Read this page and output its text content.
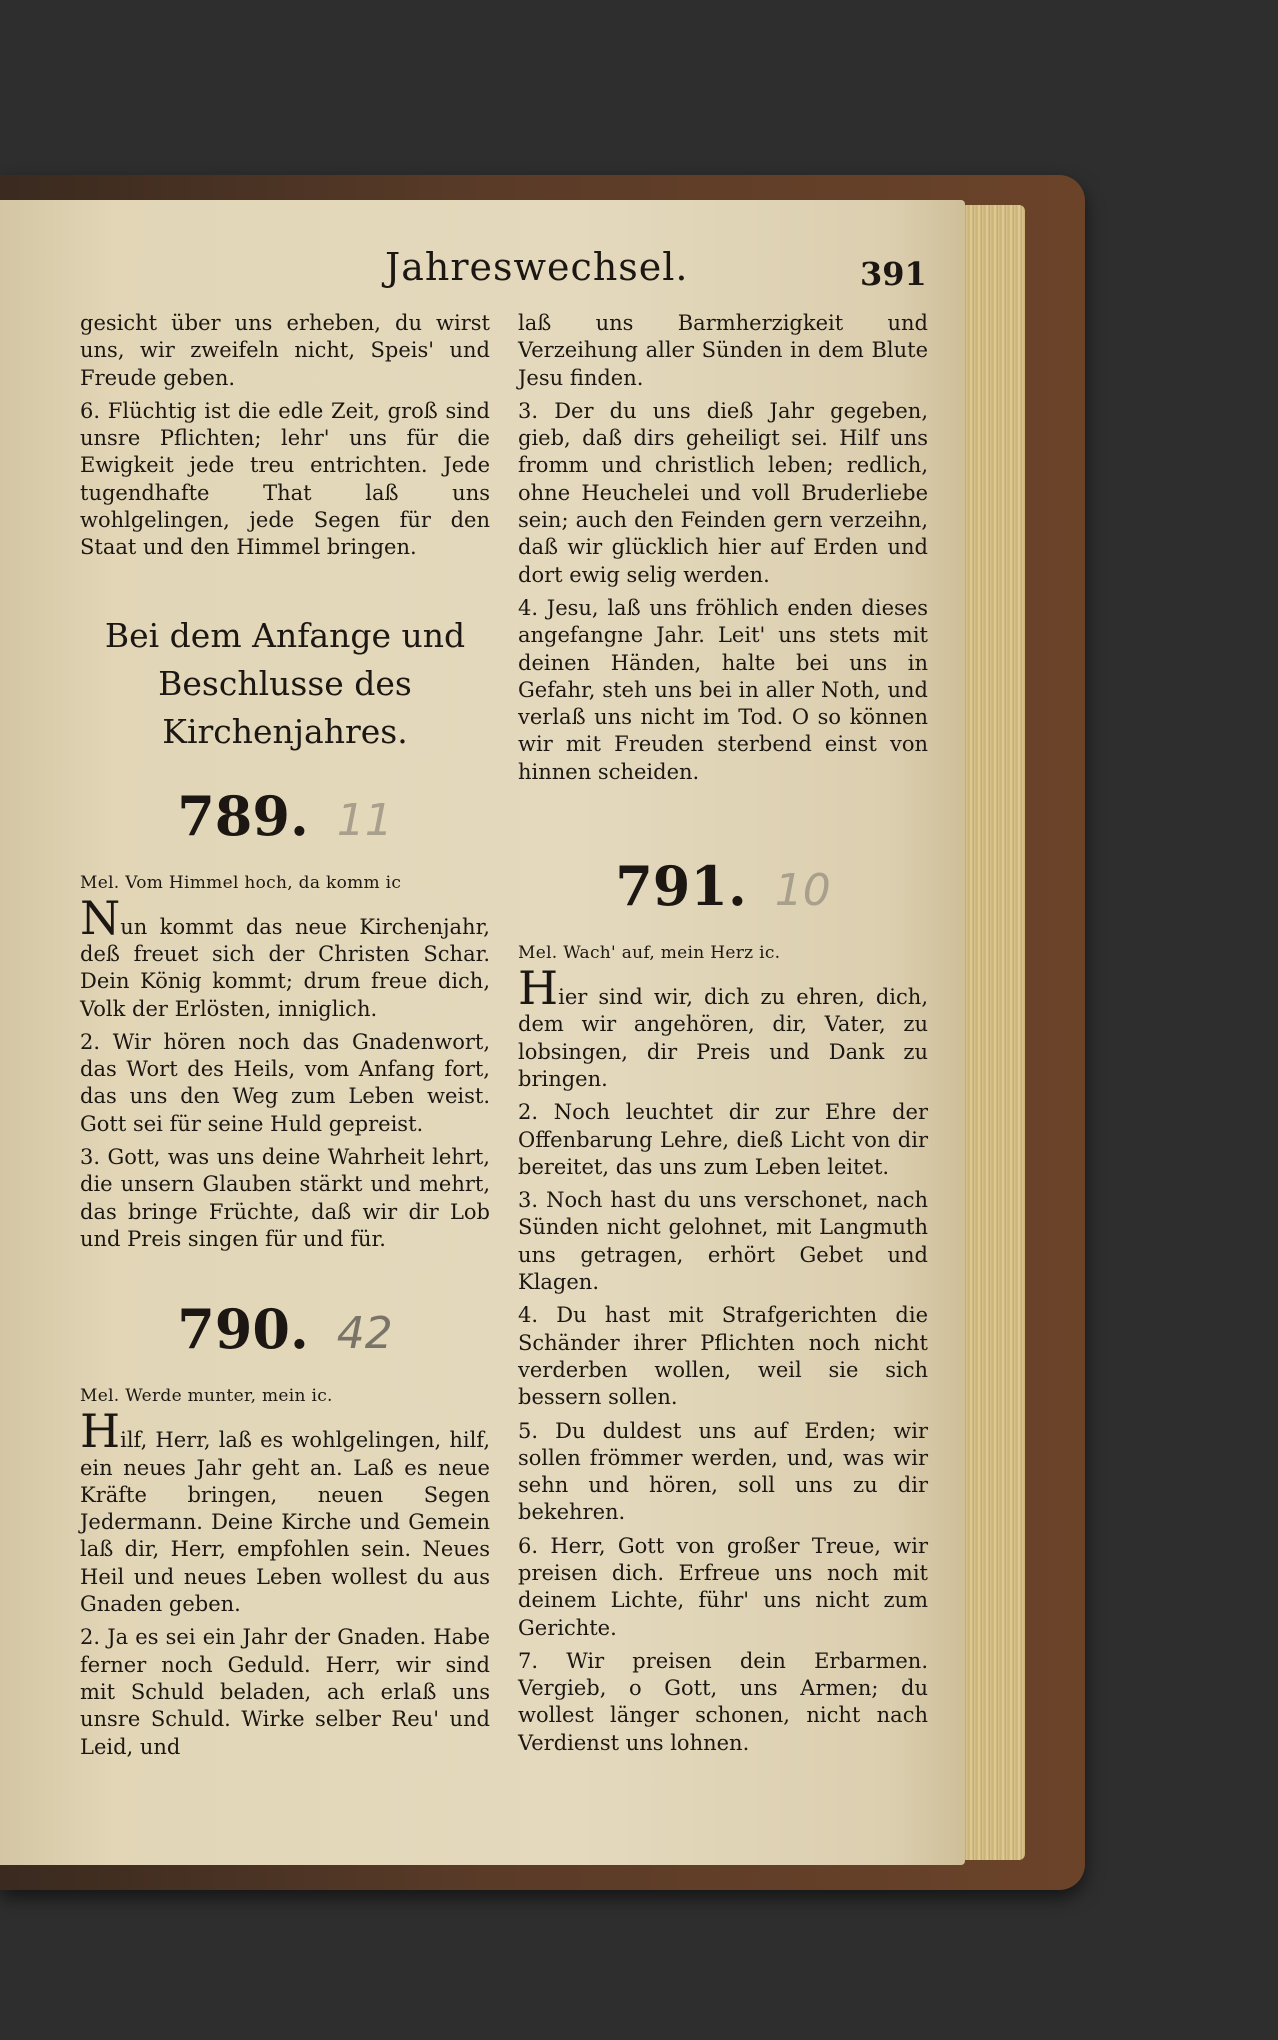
Jahreswechsel.	391

gesicht über uns erheben, du wirst uns, wir zweifeln nicht, Speis' und Freude geben.

6. Flüchtig ist die edle Zeit, groß sind unsre Pflichten; lehr' uns für die Ewigkeit jede treu entrichten. Jede tugendhafte That laß uns wohlgelingen, jede Segen für den Staat und den Himmel bringen.

Bei dem Anfange und Beschlusse des Kirchenjahres.
789. 11
Mel. Vom Himmel hoch, da komm ic

Nun kommt das neue Kirchenjahr, deß freuet sich der Christen Schar. Dein König kommt; drum freue dich, Volk der Erlösten, inniglich.

2. Wir hören noch das Gnadenwort, das Wort des Heils, vom Anfang fort, das uns den Weg zum Leben weist. Gott sei für seine Huld gepreist.

3. Gott, was uns deine Wahrheit lehrt, die unsern Glauben stärkt und mehrt, das bringe Früchte, daß wir dir Lob und Preis singen für und für.

790. 42
Mel. Werde munter, mein ic.

Hilf, Herr, laß es wohlgelingen, hilf, ein neues Jahr geht an. Laß es neue Kräfte bringen, neuen Segen Jedermann. Deine Kirche und Gemein laß dir, Herr, empfohlen sein. Neues Heil und neues Leben wollest du aus Gnaden geben.

2. Ja es sei ein Jahr der Gnaden. Habe ferner noch Geduld. Herr, wir sind mit Schuld beladen, ach erlaß uns unsre Schuld. Wirke selber Reu' und Leid, und

laß uns Barmherzigkeit und Verzeihung aller Sünden in dem Blute Jesu finden.

3. Der du uns dieß Jahr gegeben, gieb, daß dirs geheiligt sei. Hilf uns fromm und christlich leben; redlich, ohne Heuchelei und voll Bruderliebe sein; auch den Feinden gern verzeihn, daß wir glücklich hier auf Erden und dort ewig selig werden.

4. Jesu, laß uns fröhlich enden dieses angefangne Jahr. Leit' uns stets mit deinen Händen, halte bei uns in Gefahr, steh uns bei in aller Noth, und verlaß uns nicht im Tod. O so können wir mit Freuden sterbend einst von hinnen scheiden.

791. 10
Mel. Wach' auf, mein Herz ic.

Hier sind wir, dich zu ehren, dich, dem wir angehören, dir, Vater, zu lobsingen, dir Preis und Dank zu bringen.

2. Noch leuchtet dir zur Ehre der Offenbarung Lehre, dieß Licht von dir bereitet, das uns zum Leben leitet.

3. Noch hast du uns verschonet, nach Sünden nicht gelohnet, mit Langmuth uns getragen, erhört Gebet und Klagen.

4. Du hast mit Strafgerichten die Schänder ihrer Pflichten noch nicht verderben wollen, weil sie sich bessern sollen.

5. Du duldest uns auf Erden; wir sollen frömmer werden, und, was wir sehn und hören, soll uns zu dir bekehren.

6. Herr, Gott von großer Treue, wir preisen dich. Erfreue uns noch mit deinem Lichte, führ' uns nicht zum Gerichte.

7. Wir preisen dein Erbarmen. Vergieb, o Gott, uns Armen; du wollest länger schonen, nicht nach Verdienst uns lohnen.
